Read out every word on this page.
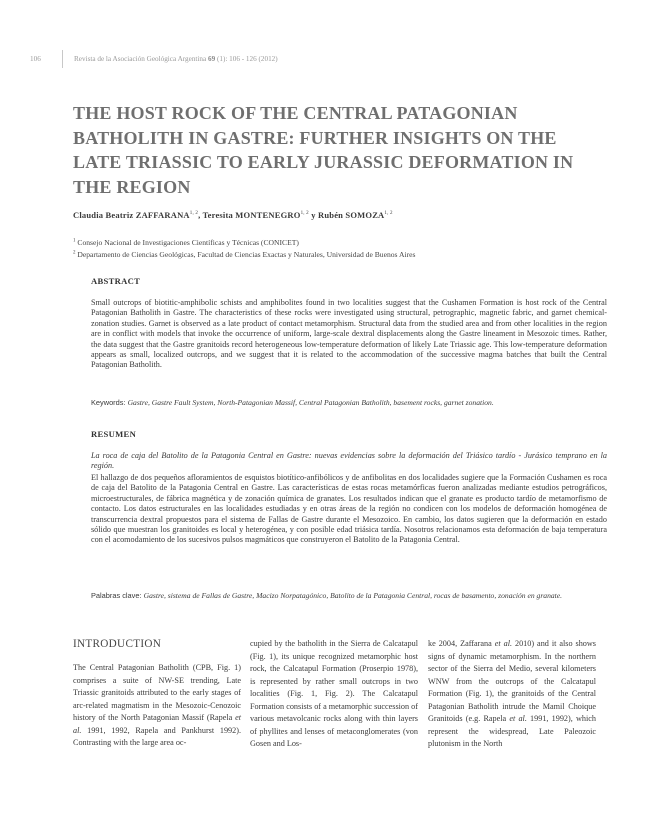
106	Revista de la Asociación Geológica Argentina 69 (1): 106 - 126 (2012)
THE HOST ROCK OF THE CENTRAL PATAGONIAN BATHOLITH IN GASTRE: FURTHER INSIGHTS ON THE LATE TRIASSIC TO EARLY JURASSIC DEFORMATION IN THE REGION
Claudia Beatriz ZAFFARANA$^{1, 2}$, Teresita MONTENEGRO$^{1, 2}$ y Rubén SOMOZA$^{1, 2}$
$^1$ Consejo Nacional de Investigaciones Científicas y Técnicas (CONICET)
$^2$ Departamento de Ciencias Geológicas, Facultad de Ciencias Exactas y Naturales, Universidad de Buenos Aires
ABSTRACT

Small outcrops of biotitic-amphibolic schists and amphibolites found in two localities suggest that the Cushamen Formation is host rock of the Central Patagonian Batholith in Gastre. The characteristics of these rocks were investigated using structural, petrographic, magnetic fabric, and garnet chemical-zonation studies. Garnet is observed as a late product of contact metamorphism. Structural data from the studied area and from other localities in the region are in conflict with models that invoke the occurrence of uniform, large-scale dextral displacements along the Gastre lineament in Mesozoic times. Rather, the data suggest that the Gastre granitoids record heterogeneous low-temperature deformation of likely Late Triassic age. This low-temperature deformation appears as small, localized outcrops, and we suggest that it is related to the accommodation of the successive magma batches that built the Central Patagonian Batholith.

Keywords: Gastre, Gastre Fault System, North-Patagonian Massif, Central Patagonian Batholith, basement rocks, garnet zonation.
RESUMEN

La roca de caja del Batolito de la Patagonia Central en Gastre: nuevas evidencias sobre la deformación del Triásico tardío - Jurásico temprano en la región.

El hallazgo de dos pequeños afloramientos de esquistos biotítico-anfibólicos y de anfibolitas en dos localidades sugiere que la Formación Cushamen es roca de caja del Batolito de la Patagonia Central en Gastre. Las características de estas rocas metamórficas fueron analizadas mediante estudios petrográficos, microestructurales, de fábrica magnética y de zonación química de granates. Los resultados indican que el granate es producto tardío de metamorfismo de contacto. Los datos estructurales en las localidades estudiadas y en otras áreas de la región no condicen con los modelos de deformación homogénea de transcurrencia dextral propuestos para el sistema de Fallas de Gastre durante el Mesozoico. En cambio, los datos sugieren que la deformación en estado sólido que muestran los granitoides es local y heterogénea, y con posible edad triásica tardía. Nosotros relacionamos esta deformación de baja temperatura con el acomodamiento de los sucesivos pulsos magmáticos que construyeron el Batolito de la Patagonia Central.

Palabras clave: Gastre, sistema de Fallas de Gastre, Macizo Norpatagónico, Batolito de la Patagonia Central, rocas de basamento, zonación en granate.
INTRODUCTION

The Central Patagonian Batholith (CPB, Fig. 1) comprises a suite of NW-SE trending, Late Triassic granitoids attributed to the early stages of arc-related magmatism in the Mesozoic-Cenozoic history of the North Patagonian Massif (Rapela et al. 1991, 1992, Rapela and Pankhurst 1992). Contrasting with the large area oc-

cupied by the batholith in the Sierra de Calcatapul (Fig. 1), its unique recognized metamorphic host rock, the Calcatapul Formation (Proserpio 1978), is represented by rather small outcrops in two localities (Fig. 1, Fig. 2). The Calcatapul Formation consists of a metamorphic succession of various metavolcanic rocks along with thin layers of phyllites and lenses of metaconglomerates (von Gosen and Los-

ke 2004, Zaffarana et al. 2010) and it also shows signs of dynamic metamorphism. In the northern sector of the Sierra del Medio, several kilometers WNW from the outcrops of the Calcatapul Formation (Fig. 1), the granitoids of the Central Patagonian Batholith intrude the Mamil Choique Granitoids (e.g. Rapela et al. 1991, 1992), which represent the widespread, Late Paleozoic plutonism in the North
